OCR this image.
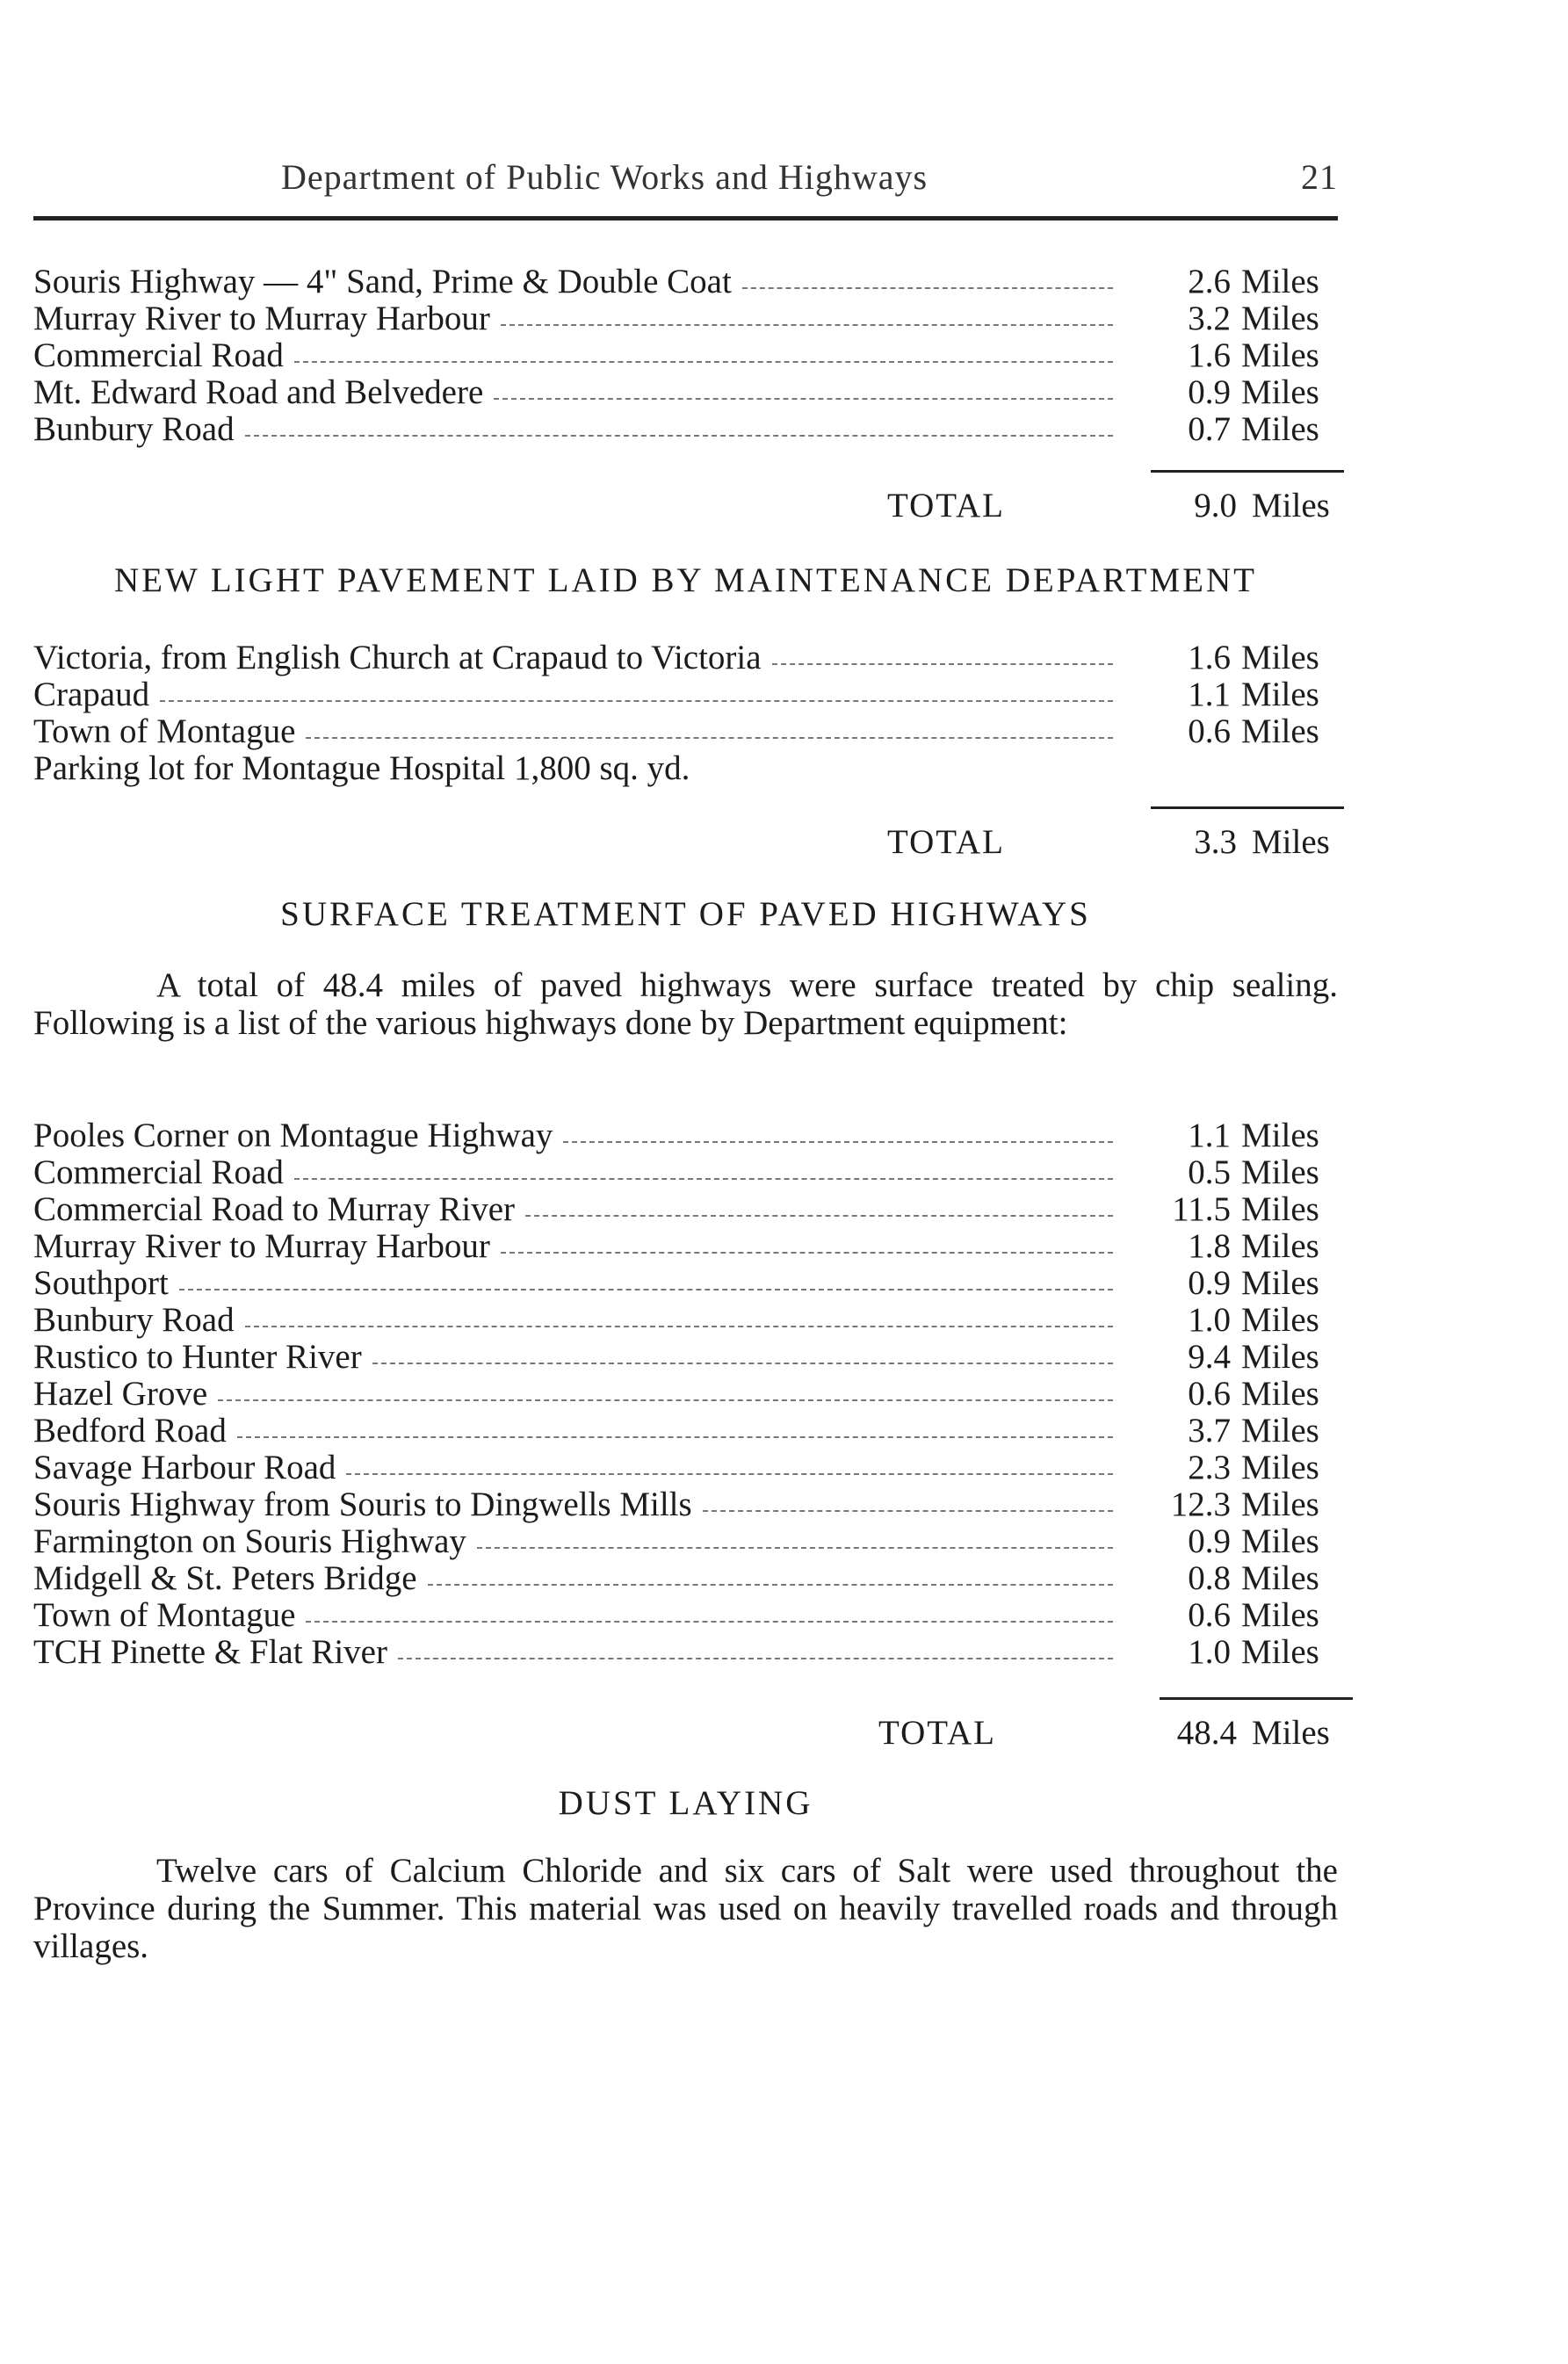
Department of Public Works and Highways	21
Souris Highway — 4" Sand, Prime & Double Coat	2.6 Miles
Murray River to Murray Harbour	3.2 Miles
Commercial Road	1.6 Miles
Mt. Edward Road and Belvedere	0.9 Miles
Bunbury Road	0.7 Miles
TOTAL	9.0 Miles
NEW LIGHT PAVEMENT LAID BY MAINTENANCE DEPARTMENT
Victoria, from English Church at Crapaud to Victoria	1.6 Miles
Crapaud	1.1 Miles
Town of Montague	0.6 Miles
Parking lot for Montague Hospital 1,800 sq. yd.
TOTAL	3.3 Miles
SURFACE TREATMENT OF PAVED HIGHWAYS
A total of 48.4 miles of paved highways were surface treated by chip sealing. Following is a list of the various highways done by Department equipment:
Pooles Corner on Montague Highway	1.1 Miles
Commercial Road	0.5 Miles
Commercial Road to Murray River	11.5 Miles
Murray River to Murray Harbour	1.8 Miles
Southport	0.9 Miles
Bunbury Road	1.0 Miles
Rustico to Hunter River	9.4 Miles
Hazel Grove	0.6 Miles
Bedford Road	3.7 Miles
Savage Harbour Road	2.3 Miles
Souris Highway from Souris to Dingwells Mills	12.3 Miles
Farmington on Souris Highway	0.9 Miles
Midgell & St. Peters Bridge	0.8 Miles
Town of Montague	0.6 Miles
TCH Pinette & Flat River	1.0 Miles
TOTAL	48.4 Miles
DUST LAYING
Twelve cars of Calcium Chloride and six cars of Salt were used throughout the Province during the Summer. This material was used on heavily travelled roads and through villages.
